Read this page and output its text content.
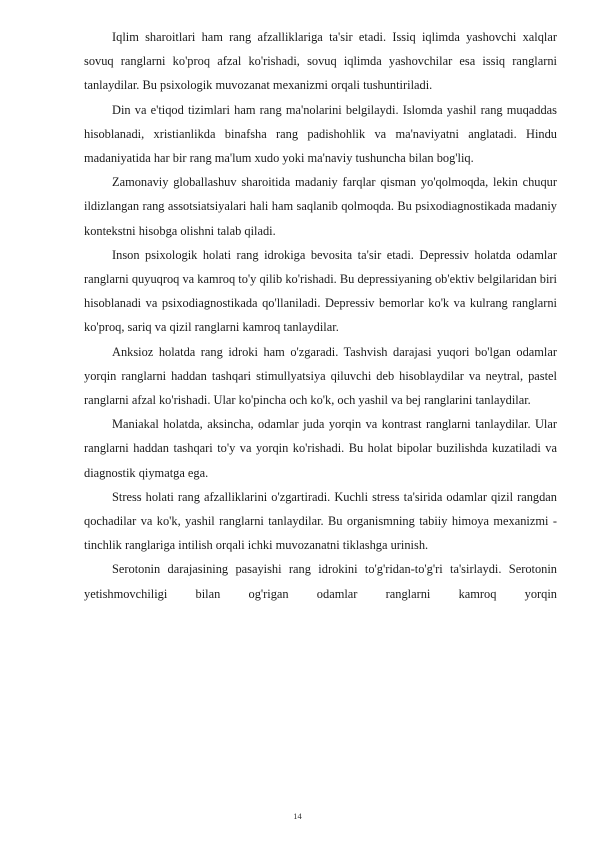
Iqlim sharoitlari ham rang afzalliklariga ta'sir etadi. Issiq iqlimda yashovchi xalqlar sovuq ranglarni ko'proq afzal ko'rishadi, sovuq iqlimda yashovchilar esa issiq ranglarni tanlaydilar. Bu psixologik muvozanat mexanizmi orqali tushuntiriladi.

Din va e'tiqod tizimlari ham rang ma'nolarini belgilaydi. Islomda yashil rang muqaddas hisoblanadi, xristianlikda binafsha rang padishohlik va ma'naviyatni anglatadi. Hindu madaniyatida har bir rang ma'lum xudo yoki ma'naviy tushuncha bilan bog'liq.

Zamonaviy globallashuv sharoitida madaniy farqlar qisman yo'qolmoqda, lekin chuqur ildizlangan rang assotsiatsiyalari hali ham saqlanib qolmoqda. Bu psixodiagnostikada madaniy kontekstni hisobga olishni talab qiladi.

Inson psixologik holati rang idrokiga bevosita ta'sir etadi. Depressiv holatda odamlar ranglarni quyuqroq va kamroq to'y qilib ko'rishadi. Bu depressiyaning ob'ektiv belgilaridan biri hisoblanadi va psixodiagnostikada qo'llaniladi. Depressiv bemorlar ko'k va kulrang ranglarni ko'proq, sariq va qizil ranglarni kamroq tanlaydilar.

Anksioz holatda rang idroki ham o'zgaradi. Tashvish darajasi yuqori bo'lgan odamlar yorqin ranglarni haddan tashqari stimullyatsiya qiluvchi deb hisoblaydilar va neytral, pastel ranglarni afzal ko'rishadi. Ular ko'pincha och ko'k, och yashil va bej ranglarini tanlaydilar.

Maniakal holatda, aksincha, odamlar juda yorqin va kontrast ranglarni tanlaydilar. Ular ranglarni haddan tashqari to'y va yorqin ko'rishadi. Bu holat bipolar buzilishda kuzatiladi va diagnostik qiymatga ega.

Stress holati rang afzalliklarini o'zgartiradi. Kuchli stress ta'sirida odamlar qizil rangdan qochadilar va ko'k, yashil ranglarni tanlaydilar. Bu organismning tabiiy himoya mexanizmi - tinchlik ranglariga intilish orqali ichki muvozanatni tiklashga urinish.

Serotonin darajasining pasayishi rang idrokini to'g'ridan-to'g'ri ta'sirlaydi. Serotonin yetishmovchiligi bilan og'rigan odamlar ranglarni kamroq yorqin

14
